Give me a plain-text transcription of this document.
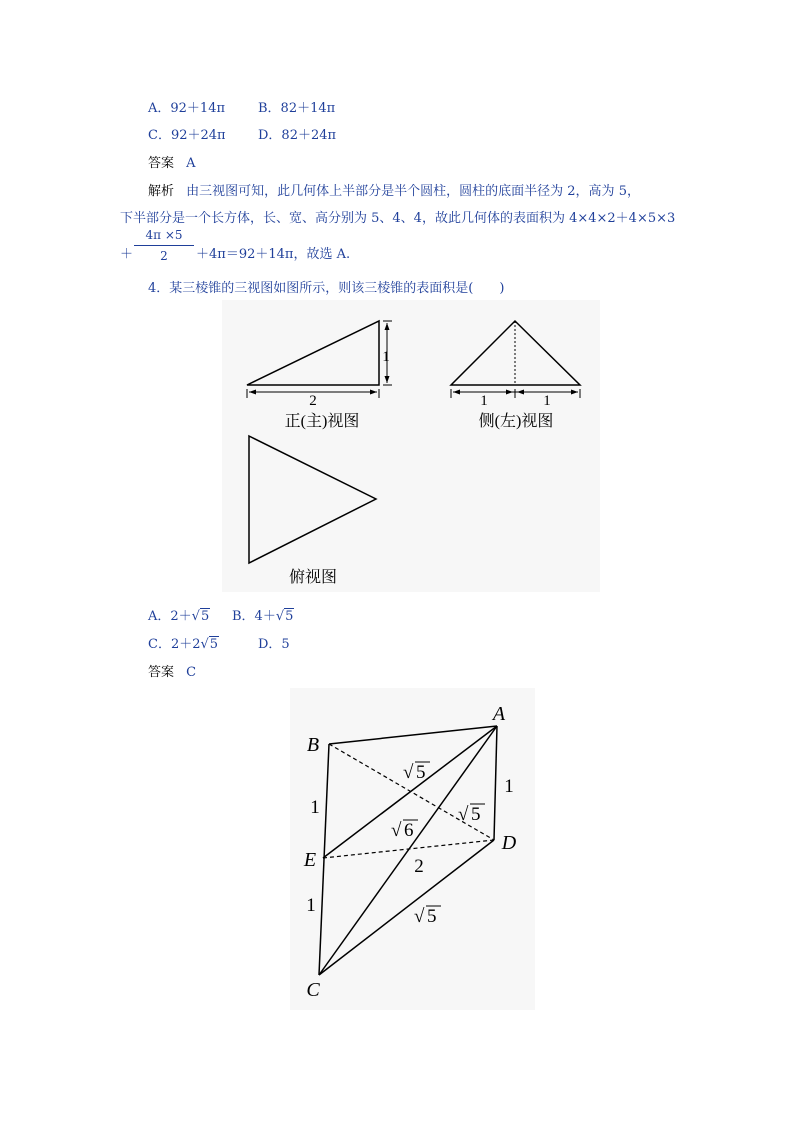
A．92＋14π	B．82＋14π
C．92＋24π D．82＋24π
答案 A
解析 由三视图可知，此几何体上半部分是半个圆柱，圆柱的底面半径为 2，高为 5，
下半部分是一个长方体，长、宽、高分别为 5、4、4，故此几何体的表面积为 4×4×2＋4×5×3
＋
4π ×5
2	＋4π＝92＋14π，故选 A.
4．某三棱锥的三视图如图所示，则该三棱锥的表面积是(　　)
2
1
正(主)视图
1	1
侧(左)视图
俯视图
A．2＋√5 B．4＋√5
C．2＋2√5	D．5
答案 C
A
B
E
D
C
1
1
1
2
√ 5
√ 5
√ 6
√ 5
